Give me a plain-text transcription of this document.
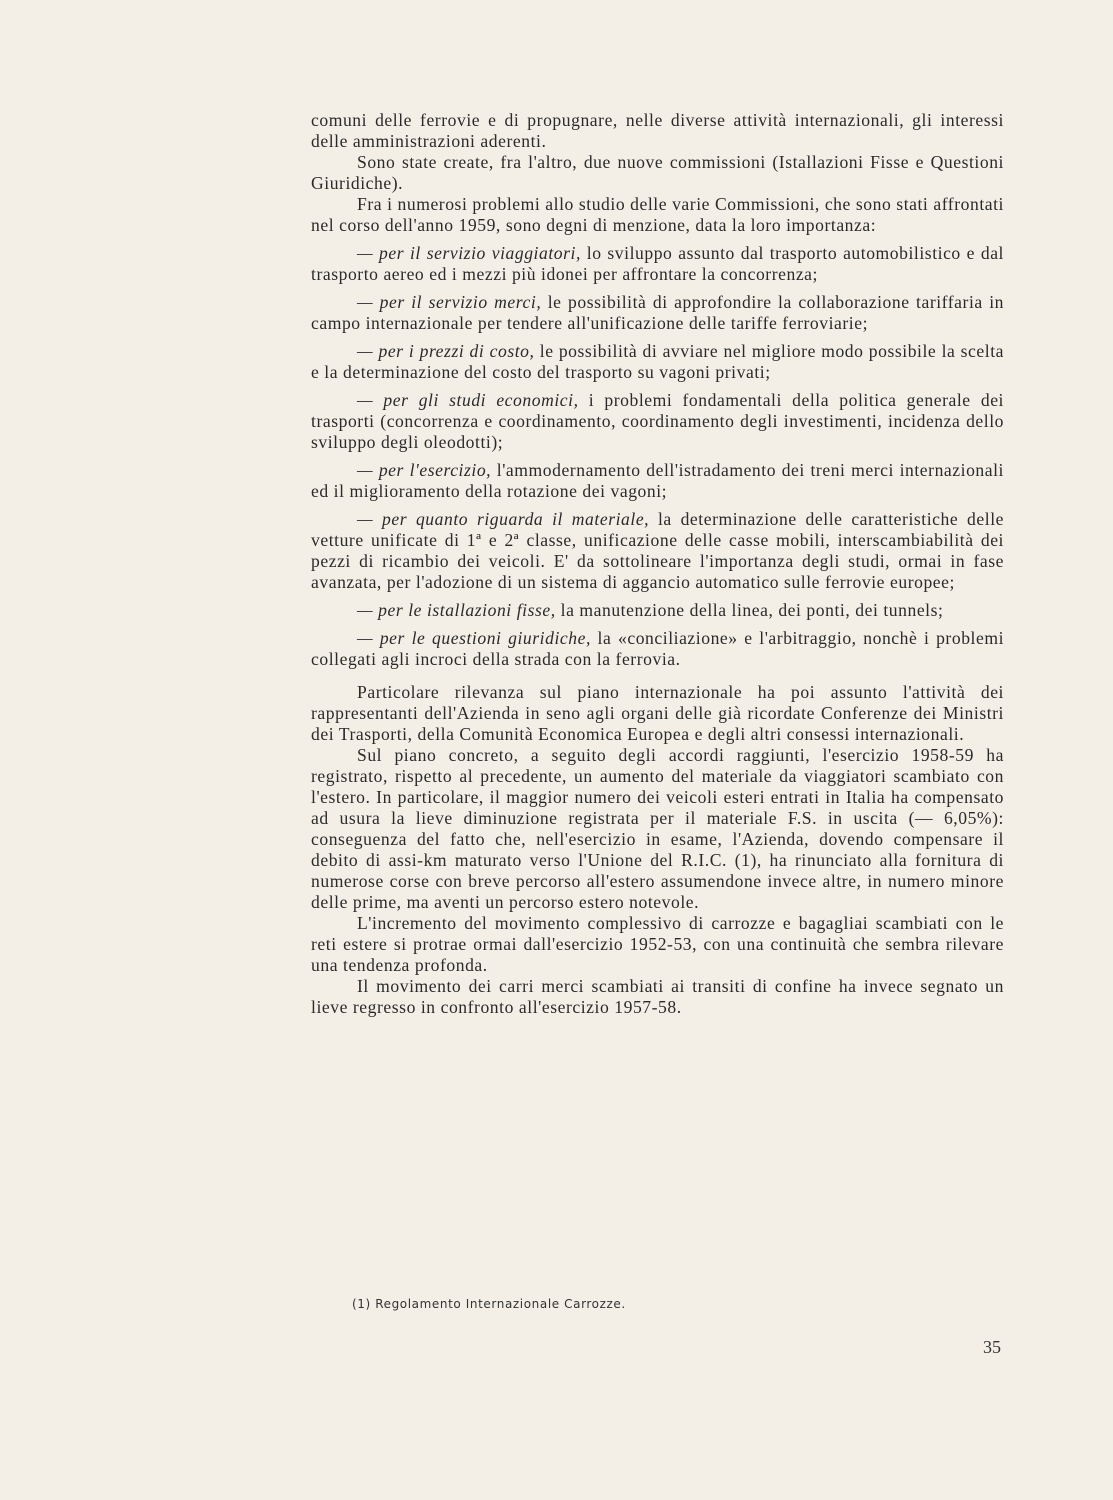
comuni delle ferrovie e di propugnare, nelle diverse attività internazionali, gli interessi delle amministrazioni aderenti.

Sono state create, fra l'altro, due nuove commissioni (Istallazioni Fisse e Questioni Giuridiche).

Fra i numerosi problemi allo studio delle varie Commissioni, che sono stati affrontati nel corso dell'anno 1959, sono degni di menzione, data la loro importanza:

— per il servizio viaggiatori, lo sviluppo assunto dal trasporto automobilistico e dal trasporto aereo ed i mezzi più idonei per affrontare la concorrenza;

— per il servizio merci, le possibilità di approfondire la collaborazione tariffaria in campo internazionale per tendere all'unificazione delle tariffe ferroviarie;

— per i prezzi di costo, le possibilità di avviare nel migliore modo possibile la scelta e la determinazione del costo del trasporto su vagoni privati;

— per gli studi economici, i problemi fondamentali della politica generale dei trasporti (concorrenza e coordinamento, coordinamento degli investimenti, incidenza dello sviluppo degli oleodotti);

— per l'esercizio, l'ammodernamento dell'istradamento dei treni merci internazionali ed il miglioramento della rotazione dei vagoni;

— per quanto riguarda il materiale, la determinazione delle caratteristiche delle vetture unificate di 1ª e 2ª classe, unificazione delle casse mobili, interscambiabilità dei pezzi di ricambio dei veicoli. E' da sottolineare l'importanza degli studi, ormai in fase avanzata, per l'adozione di un sistema di aggancio automatico sulle ferrovie europee;

— per le istallazioni fisse, la manutenzione della linea, dei ponti, dei tunnels;

— per le questioni giuridiche, la «conciliazione» e l'arbitraggio, nonchè i problemi collegati agli incroci della strada con la ferrovia.

Particolare rilevanza sul piano internazionale ha poi assunto l'attività dei rappresentanti dell'Azienda in seno agli organi delle già ricordate Conferenze dei Ministri dei Trasporti, della Comunità Economica Europea e degli altri consessi internazionali.

Sul piano concreto, a seguito degli accordi raggiunti, l'esercizio 1958-59 ha registrato, rispetto al precedente, un aumento del materiale da viaggiatori scambiato con l'estero. In particolare, il maggior numero dei veicoli esteri entrati in Italia ha compensato ad usura la lieve diminuzione registrata per il materiale F.S. in uscita (— 6,05%): conseguenza del fatto che, nell'esercizio in esame, l'Azienda, dovendo compensare il debito di assi-km maturato verso l'Unione del R.I.C. (1), ha rinunciato alla fornitura di numerose corse con breve percorso all'estero assumendone invece altre, in numero minore delle prime, ma aventi un percorso estero notevole.

L'incremento del movimento complessivo di carrozze e bagagliai scambiati con le reti estere si protrae ormai dall'esercizio 1952-53, con una continuità che sembra rilevare una tendenza profonda.

Il movimento dei carri merci scambiati ai transiti di confine ha invece segnato un lieve regresso in confronto all'esercizio 1957-58.

(1) Regolamento Internazionale Carrozze.
35
